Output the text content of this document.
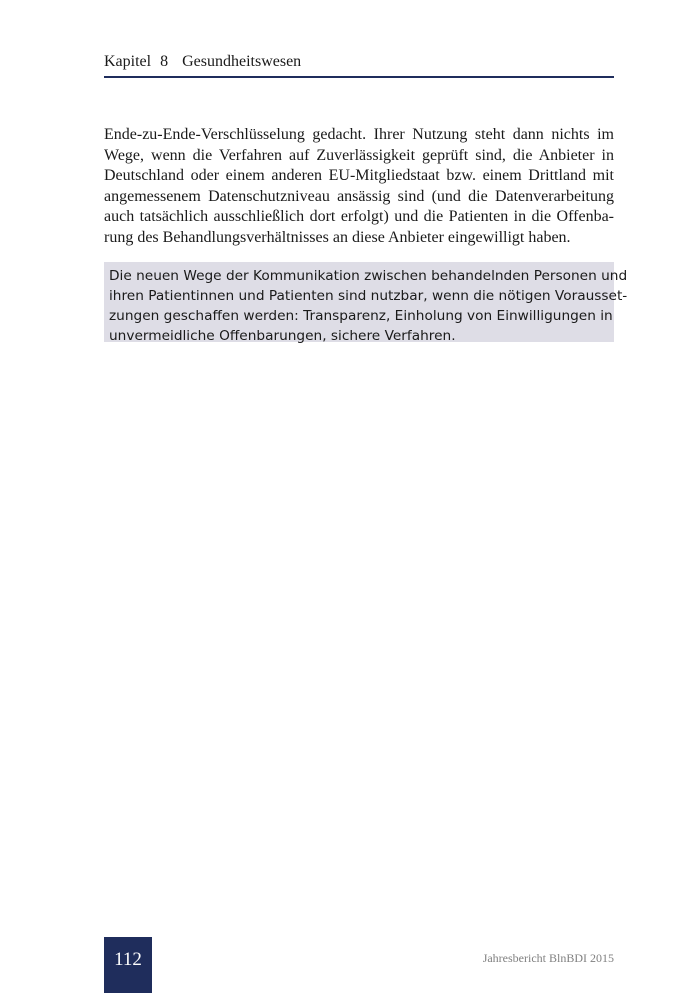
Kapitel 8 Gesundheitswesen

Ende-zu-Ende-Verschlüsselung gedacht. Ihrer Nutzung steht dann nichts im
Wege, wenn die Verfahren auf Zuverlässigkeit geprüft sind, die Anbieter in
Deutschland oder einem anderen EU-Mitgliedstaat bzw. einem Drittland mit
angemessenem Datenschutzniveau ansässig sind (und die Datenverarbeitung
auch tatsächlich ausschließlich dort erfolgt) und die Patienten in die Offenba-
rung des Behandlungsverhältnisses an diese Anbieter eingewilligt haben.

Die neuen Wege der Kommunikation zwischen behandelnden Personen und
ihren Patientinnen und Patienten sind nutzbar, wenn die nötigen Vorausset-
zungen geschaffen werden: Transparenz, Einholung von Einwilligungen in
unvermeidliche Offenbarungen, sichere Verfahren.
112	Jahresbericht BlnBDI 2015
